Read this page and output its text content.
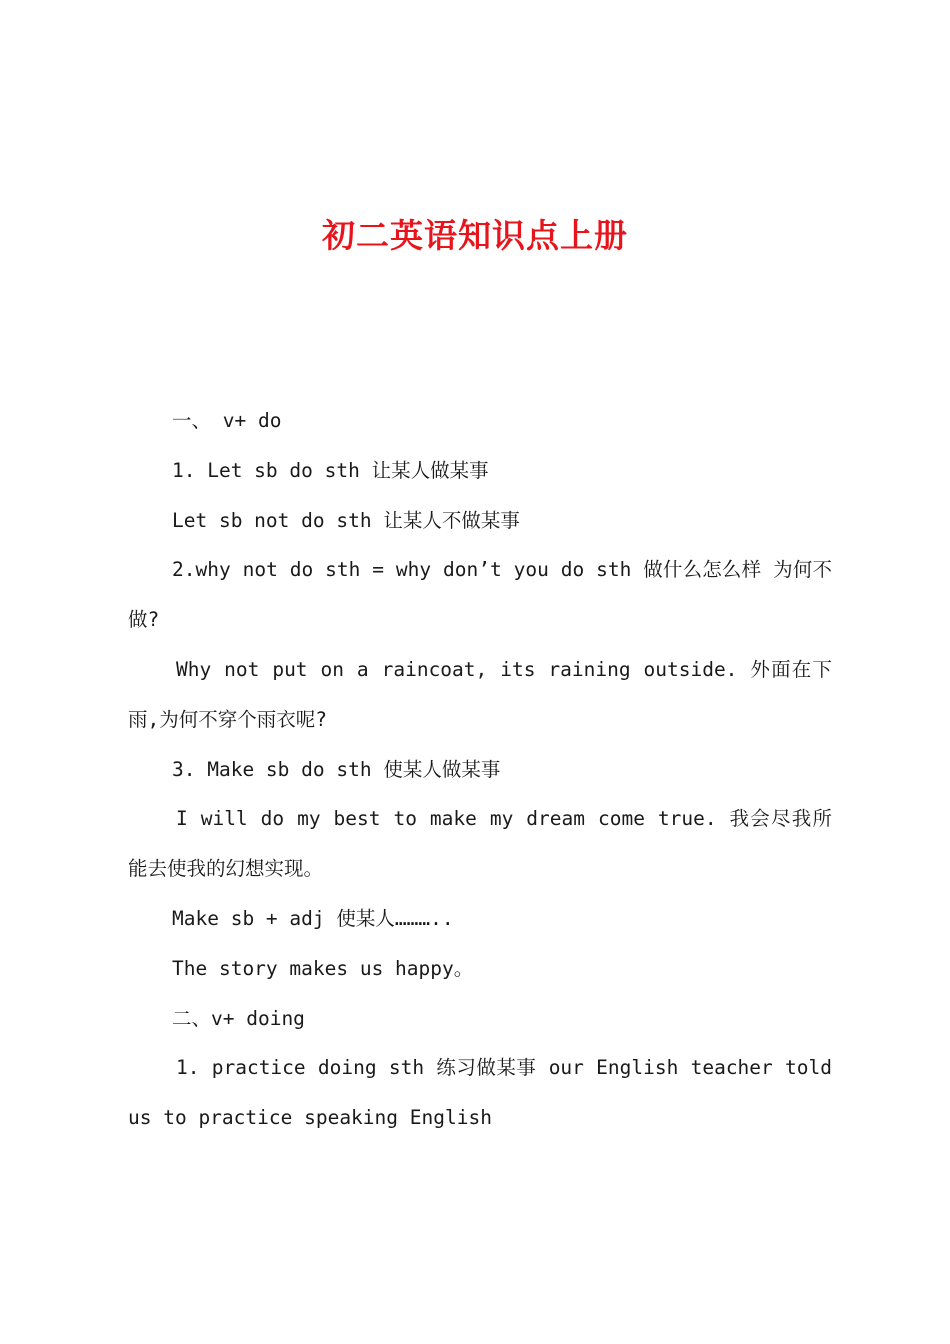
初二英语知识点上册

一、 v+ do

1. Let sb do sth 让某人做某事

Let sb not do sth 让某人不做某事

2.why not do sth = why don’t you do sth 做什么怎么样 为何不做?

Why not put on a raincoat, its raining outside. 外面在下雨,为何不穿个雨衣呢?

3. Make sb do sth 使某人做某事

I will do my best to make my dream come true. 我会尽我所能去使我的幻想实现。

Make sb + adj 使某人………..

The story makes us happy。

二、v+ doing

1. practice doing sth 练习做某事 our English teacher told us to practice speaking English
